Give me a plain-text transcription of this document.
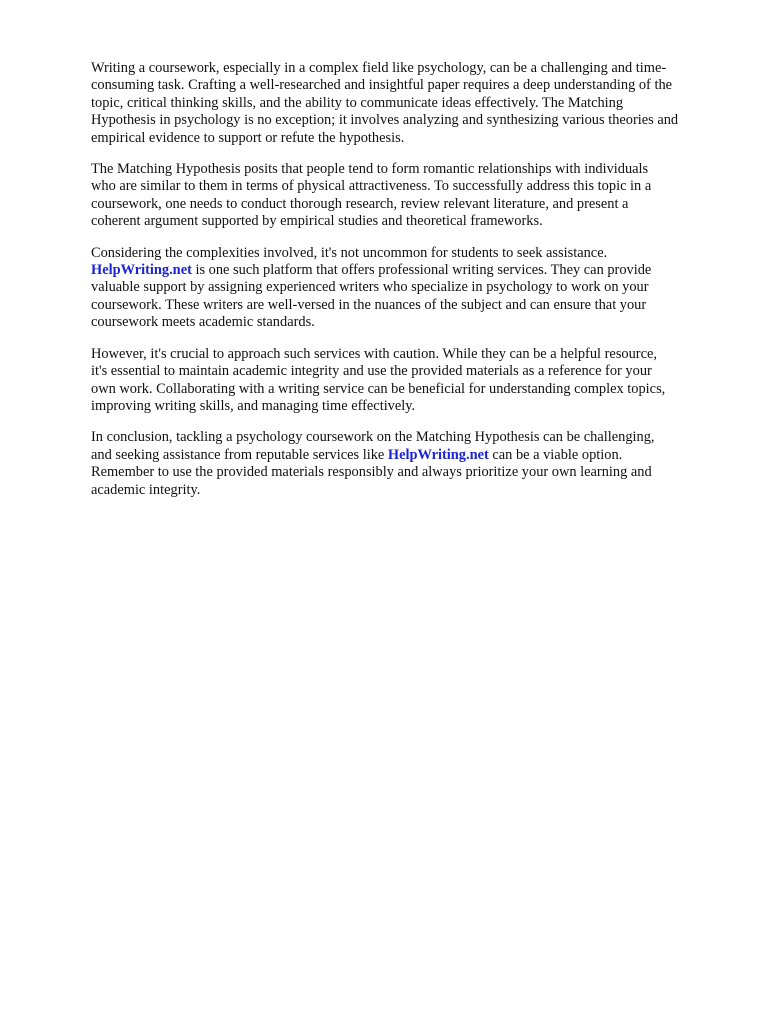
Writing a coursework, especially in a complex field like psychology, can be a challenging and time-
consuming task. Crafting a well-researched and insightful paper requires a deep understanding of the
topic, critical thinking skills, and the ability to communicate ideas effectively. The Matching
Hypothesis in psychology is no exception; it involves analyzing and synthesizing various theories and
empirical evidence to support or refute the hypothesis.

The Matching Hypothesis posits that people tend to form romantic relationships with individuals
who are similar to them in terms of physical attractiveness. To successfully address this topic in a
coursework, one needs to conduct thorough research, review relevant literature, and present a
coherent argument supported by empirical studies and theoretical frameworks.

Considering the complexities involved, it's not uncommon for students to seek assistance.
HelpWriting.net is one such platform that offers professional writing services. They can provide
valuable support by assigning experienced writers who specialize in psychology to work on your
coursework. These writers are well-versed in the nuances of the subject and can ensure that your
coursework meets academic standards.

However, it's crucial to approach such services with caution. While they can be a helpful resource,
it's essential to maintain academic integrity and use the provided materials as a reference for your
own work. Collaborating with a writing service can be beneficial for understanding complex topics,
improving writing skills, and managing time effectively.

In conclusion, tackling a psychology coursework on the Matching Hypothesis can be challenging,
and seeking assistance from reputable services like HelpWriting.net can be a viable option.
Remember to use the provided materials responsibly and always prioritize your own learning and
academic integrity.
